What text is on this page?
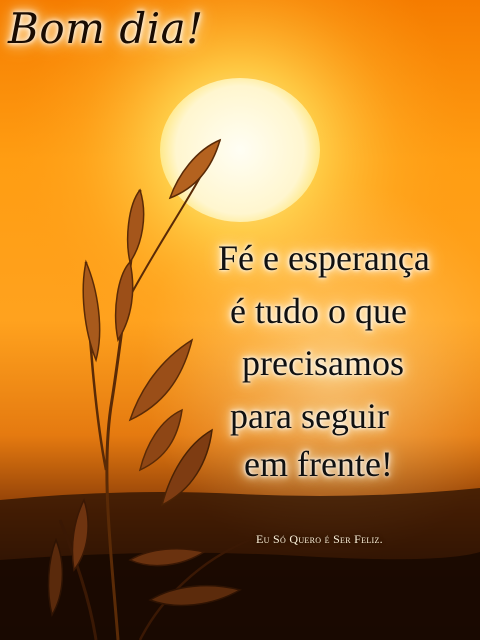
Bom dia!

Fé e esperança

é tudo o que

precisamos

para seguir

em frente!

Eu Só Quero é Ser Feliz.
